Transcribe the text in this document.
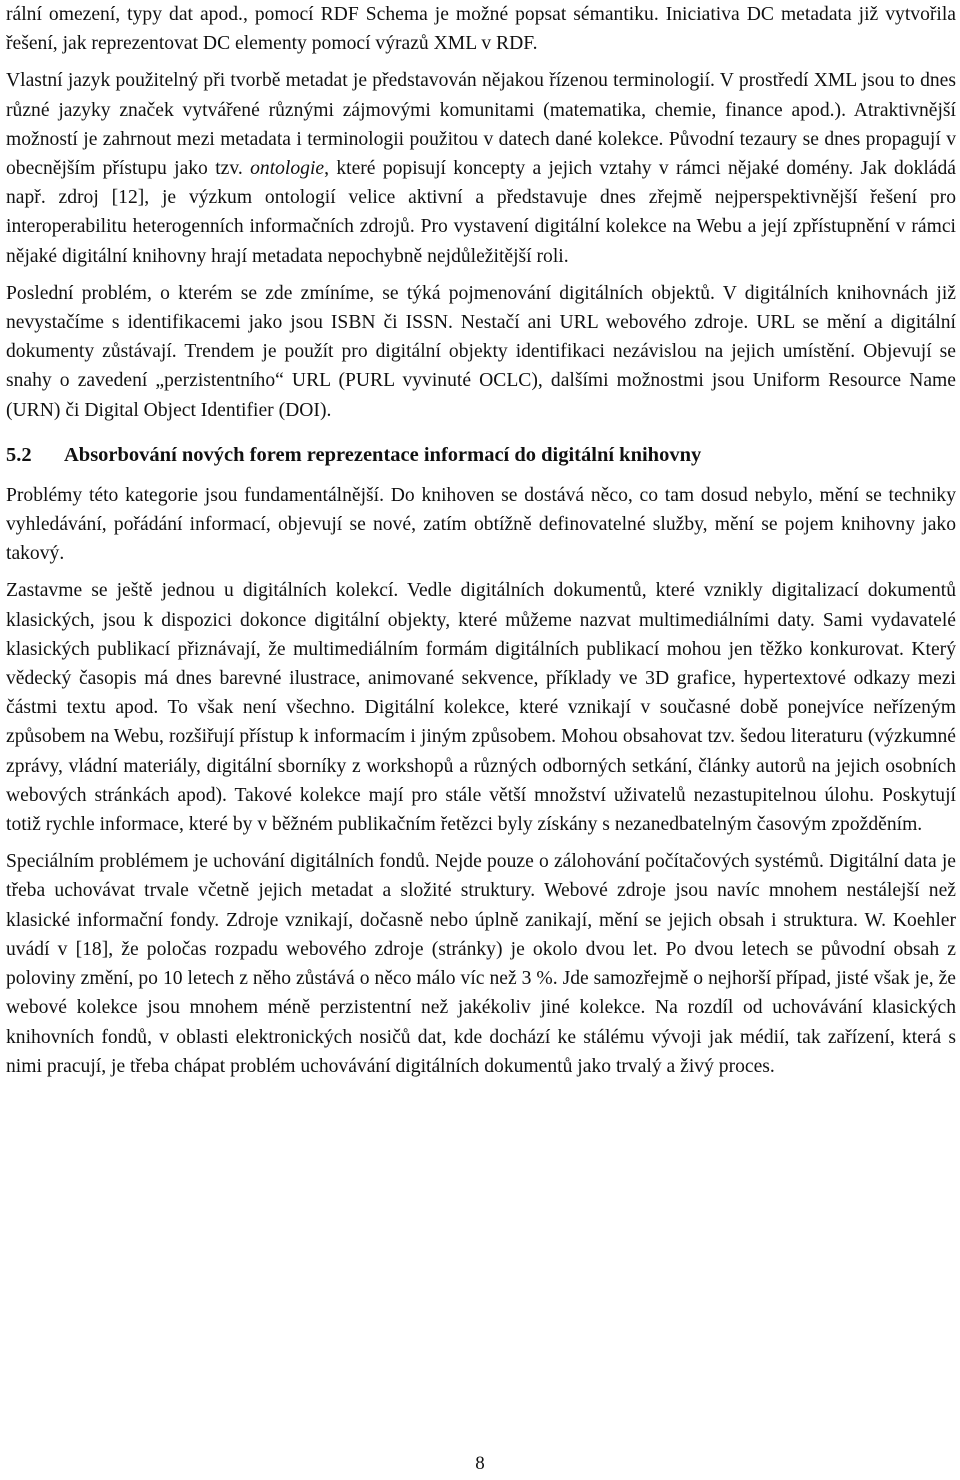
rální omezení, typy dat apod., pomocí RDF Schema je možné popsat sémantiku. Iniciativa DC metadata již vytvořila řešení, jak reprezentovat DC elementy pomocí výrazů XML v RDF.

Vlastní jazyk použitelný při tvorbě metadat je představován nějakou řízenou terminologií. V prostředí XML jsou to dnes různé jazyky značek vytvářené různými zájmovými komunitami (matematika, chemie, finance apod.). Atraktivnější možností je zahrnout mezi metadata i terminologii použitou v datech dané kolekce. Původní tezaury se dnes propagují v obecnějším přístupu jako tzv. ontologie, které popisují koncepty a jejich vztahy v rámci nějaké domény. Jak dokládá např. zdroj [12], je výzkum ontologií velice aktivní a představuje dnes zřejmě nejperspektivnější řešení pro interoperabilitu heterogenních informačních zdrojů. Pro vystavení digitální kolekce na Webu a její zpřístupnění v rámci nějaké digitální knihovny hrají metadata nepochybně nejdůležitější roli.

Poslední problém, o kterém se zde zmíníme, se týká pojmenování digitálních objektů. V digitálních knihovnách již nevystačíme s identifikacemi jako jsou ISBN či ISSN. Nestačí ani URL webového zdroje. URL se mění a digitální dokumenty zůstávají. Trendem je použít pro digitální objekty identifikaci nezávislou na jejich umístění. Objevují se snahy o zavedení „perzistentního“ URL (PURL vyvinuté OCLC), dalšími možnostmi jsou Uniform Resource Name (URN) či Digital Object Identifier (DOI).

5.2	Absorbování nových forem reprezentace informací do digitální knihovny

Problémy této kategorie jsou fundamentálnější. Do knihoven se dostává něco, co tam dosud nebylo, mění se techniky vyhledávání, pořádání informací, objevují se nové, zatím obtížně definovatelné služby, mění se pojem knihovny jako takový.

Zastavme se ještě jednou u digitálních kolekcí. Vedle digitálních dokumentů, které vznikly digitalizací dokumentů klasických, jsou k dispozici dokonce digitální objekty, které můžeme nazvat multimediálními daty. Sami vydavatelé klasických publikací přiznávají, že multimediálním formám digitálních publikací mohou jen těžko konkurovat. Který vědecký časopis má dnes barevné ilustrace, animované sekvence, příklady ve 3D grafice, hypertextové odkazy mezi částmi textu apod. To však není všechno. Digitální kolekce, které vznikají v současné době ponejvíce neřízeným způsobem na Webu, rozšiřují přístup k informacím i jiným způsobem. Mohou obsahovat tzv. šedou literaturu (výzkumné zprávy, vládní materiály, digitální sborníky z workshopů a různých odborných setkání, články autorů na jejich osobních webových stránkách apod). Takové kolekce mají pro stále větší množství uživatelů nezastupitelnou úlohu. Poskytují totiž rychle informace, které by v běžném publikačním řetězci byly získány s nezanedbatelným časovým zpožděním.

Speciálním problémem je uchování digitálních fondů. Nejde pouze o zálohování počítačových systémů. Digitální data je třeba uchovávat trvale včetně jejich metadat a složité struktury. Webové zdroje jsou navíc mnohem nestálejší než klasické informační fondy. Zdroje vznikají, dočasně nebo úplně zanikají, mění se jejich obsah i struktura. W. Koehler uvádí v [18], že poločas rozpadu webového zdroje (stránky) je okolo dvou let. Po dvou letech se původní obsah z poloviny změní, po 10 letech z něho zůstává o něco málo víc než 3 %. Jde samozřejmě o nejhorší případ, jisté však je, že webové kolekce jsou mnohem méně perzistentní než jakékoliv jiné kolekce. Na rozdíl od uchovávání klasických knihovních fondů, v oblasti elektronických nosičů dat, kde dochází ke stálému vývoji jak médií, tak zařízení, která s nimi pracují, je třeba chápat problém uchovávání digitálních dokumentů jako trvalý a živý proces.

8
